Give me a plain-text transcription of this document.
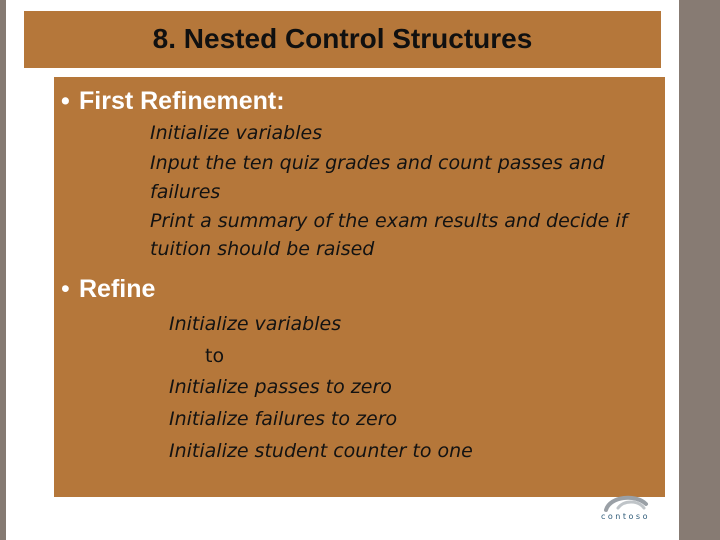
8. Nested Control Structures
• First Refinement:
Initialize variables
Input the ten quiz grades and count passes and
failures
Print a summary of the exam results and decide if
tuition should be raised
• Refine
Initialize variables
to
Initialize passes to zero
Initialize failures to zero
Initialize student counter to one
contoso
